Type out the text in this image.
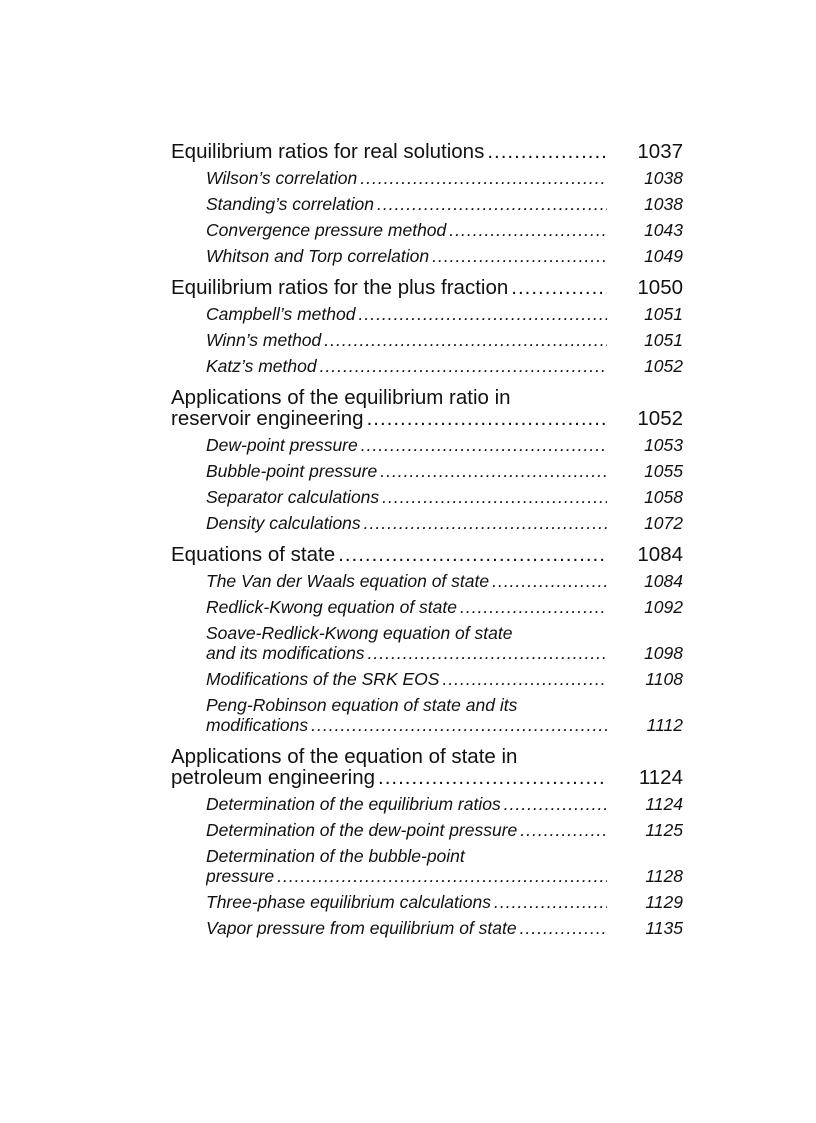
Equilibrium ratios for real solutions .....	1037
Wilson’s correlation .....	1038
Standing’s correlation .....	1038
Convergence pressure method .....	1043
Whitson and Torp correlation .....	1049
Equilibrium ratios for the plus fraction .....	1050
Campbell’s method .....	1051
Winn’s method .....	1051
Katz’s method .....	1052
Applications of the equilibrium ratio in
reservoir engineering .....	1052
Dew-point pressure .....	1053
Bubble-point pressure .....	1055
Separator calculations .....	1058
Density calculations .....	1072
Equations of state .....	1084
The Van der Waals equation of state .....	1084
Redlick-Kwong equation of state .....	1092
Soave-Redlick-Kwong equation of state
and its modifications .....	1098
Modifications of the SRK EOS .....	1108
Peng-Robinson equation of state and its
modifications .....	1112
Applications of the equation of state in
petroleum engineering .....	1124
Determination of the equilibrium ratios .....	1124
Determination of the dew-point pressure .....	1125
Determination of the bubble-point
pressure .....	1128
Three-phase equilibrium calculations .....	1129
Vapor pressure from equilibrium of state .....	1135
